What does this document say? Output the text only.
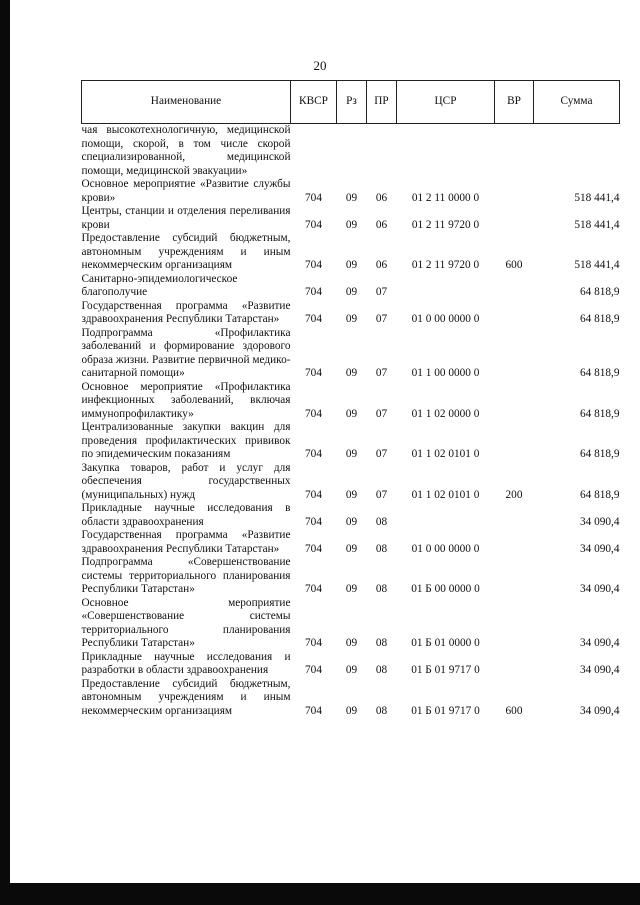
20
Наименование	КВСР	Рз	ПР	ЦСР	ВР	Сумма
чая высокотехнологичную, медицинской помощи, скорой, в том числе скорой специализированной, медицинской помощи, медицинской эвакуации»						
Основное мероприятие «Развитие службы крови»	704	09	06	01 2 11 0000 0		518 441,4
Центры, станции и отделения переливания крови	704	09	06	01 2 11 9720 0		518 441,4
Предоставление субсидий бюджетным, автономным учреждениям и иным некоммерческим организациям	704	09	06	01 2 11 9720 0	600	518 441,4
Санитарно-эпидемиологическое благополучие	704	09	07			64 818,9
Государственная программа «Развитие здравоохранения Республики Татарстан»	704	09	07	01 0 00 0000 0		64 818,9
Подпрограмма «Профилактика заболеваний и формирование здорового образа жизни. Развитие первичной медико-санитарной помощи»	704	09	07	01 1 00 0000 0		64 818,9
Основное мероприятие «Профилактика инфекционных заболеваний, включая иммунопрофилактику»	704	09	07	01 1 02 0000 0		64 818,9
Централизованные закупки вакцин для проведения профилактических прививок по эпидемическим показаниям	704	09	07	01 1 02 0101 0		64 818,9
Закупка товаров, работ и услуг для обеспечения государственных (муниципальных) нужд	704	09	07	01 1 02 0101 0	200	64 818,9
Прикладные научные исследования в области здравоохранения	704	09	08			34 090,4
Государственная программа «Развитие здравоохранения Республики Татарстан»	704	09	08	01 0 00 0000 0		34 090,4
Подпрограмма «Совершенствование системы территориального планирования Республики Татарстан»	704	09	08	01 Б 00 0000 0		34 090,4
Основное мероприятие «Совершенствование системы территориального планирования Республики Татарстан»	704	09	08	01 Б 01 0000 0		34 090,4
Прикладные научные исследования и разработки в области здравоохранения	704	09	08	01 Б 01 9717 0		34 090,4
Предоставление субсидий бюджетным, автономным учреждениям и иным некоммерческим организациям	704	09	08	01 Б 01 9717 0	600	34 090,4
